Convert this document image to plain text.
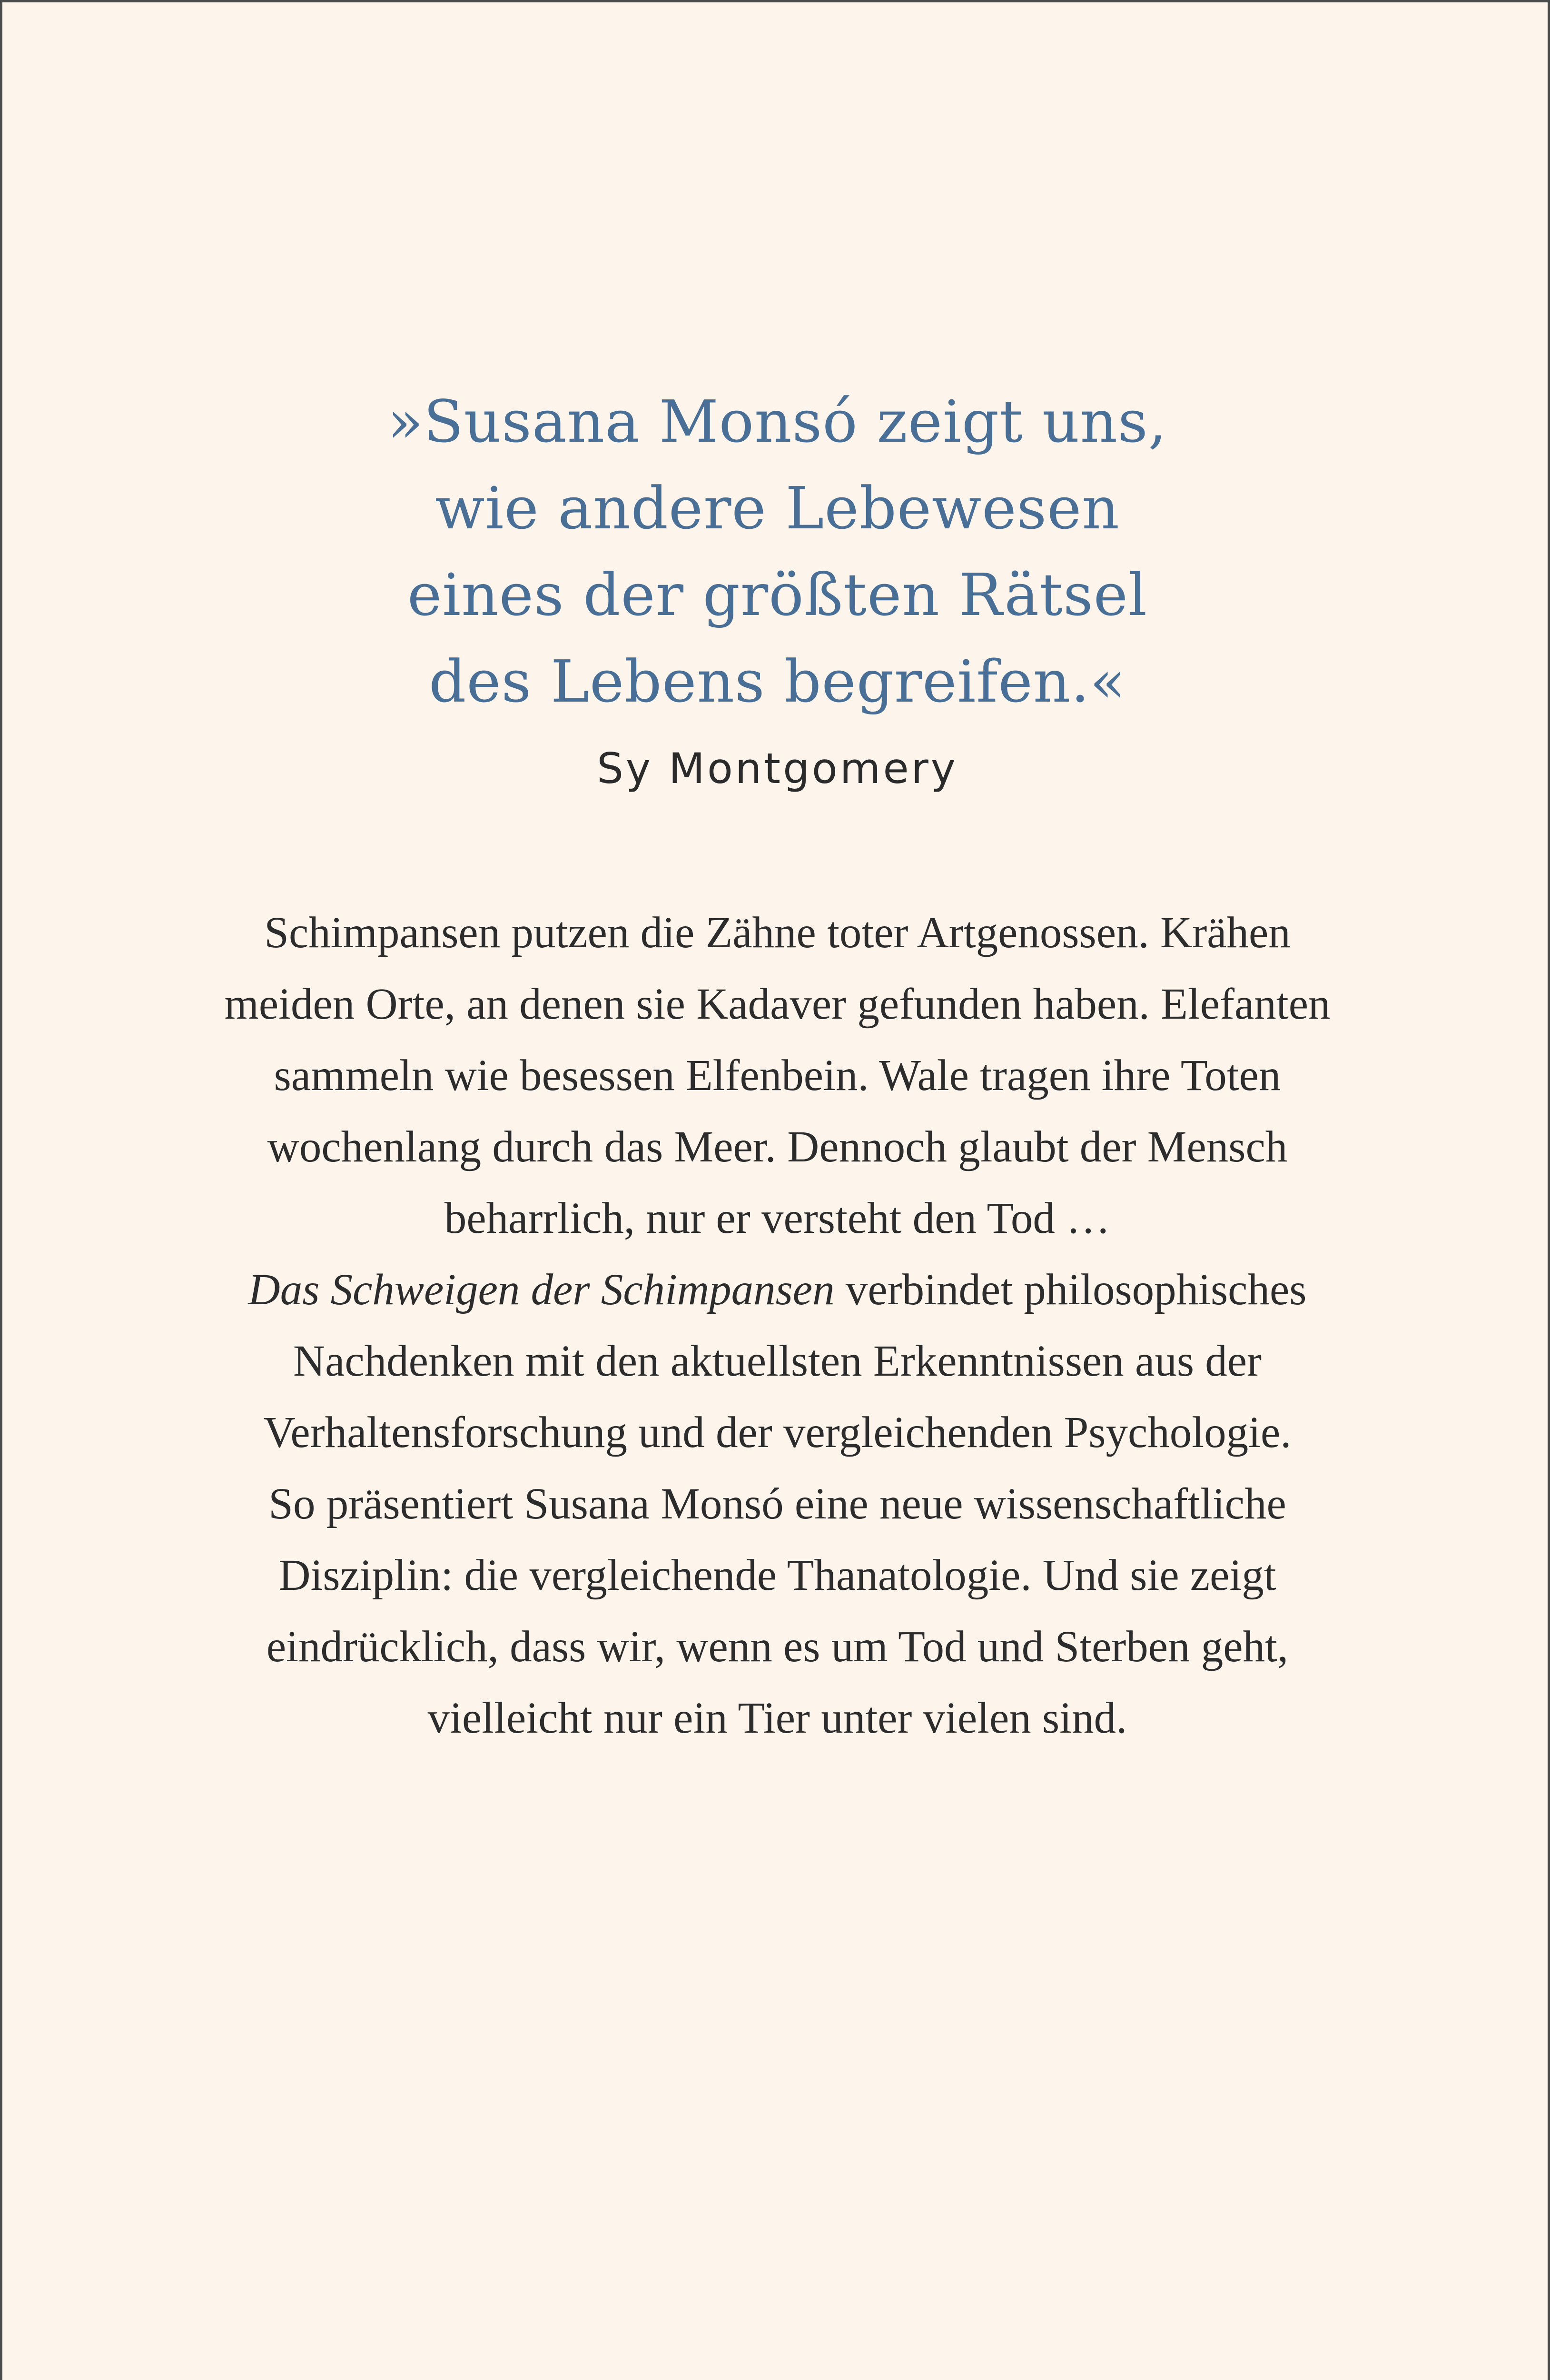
»Susana Monsó zeigt uns,
wie andere Lebewesen
eines der größten Rätsel
des Lebens begreifen.«
Sy Montgomery
Schimpansen putzen die Zähne toter Artgenossen. Krähen
meiden Orte, an denen sie Kadaver gefunden haben. Elefanten
sammeln wie besessen Elfenbein. Wale tragen ihre Toten
wochenlang durch das Meer. Dennoch glaubt der Mensch
beharrlich, nur er versteht den Tod …
Das Schweigen der Schimpansen verbindet philosophisches
Nachdenken mit den aktuellsten Erkenntnissen aus der
Verhaltensforschung und der vergleichenden Psychologie.
So präsentiert Susana Monsó eine neue wissenschaftliche
Disziplin: die vergleichende Thanatologie. Und sie zeigt
eindrücklich, dass wir, wenn es um Tod und Sterben geht,
vielleicht nur ein Tier unter vielen sind.
